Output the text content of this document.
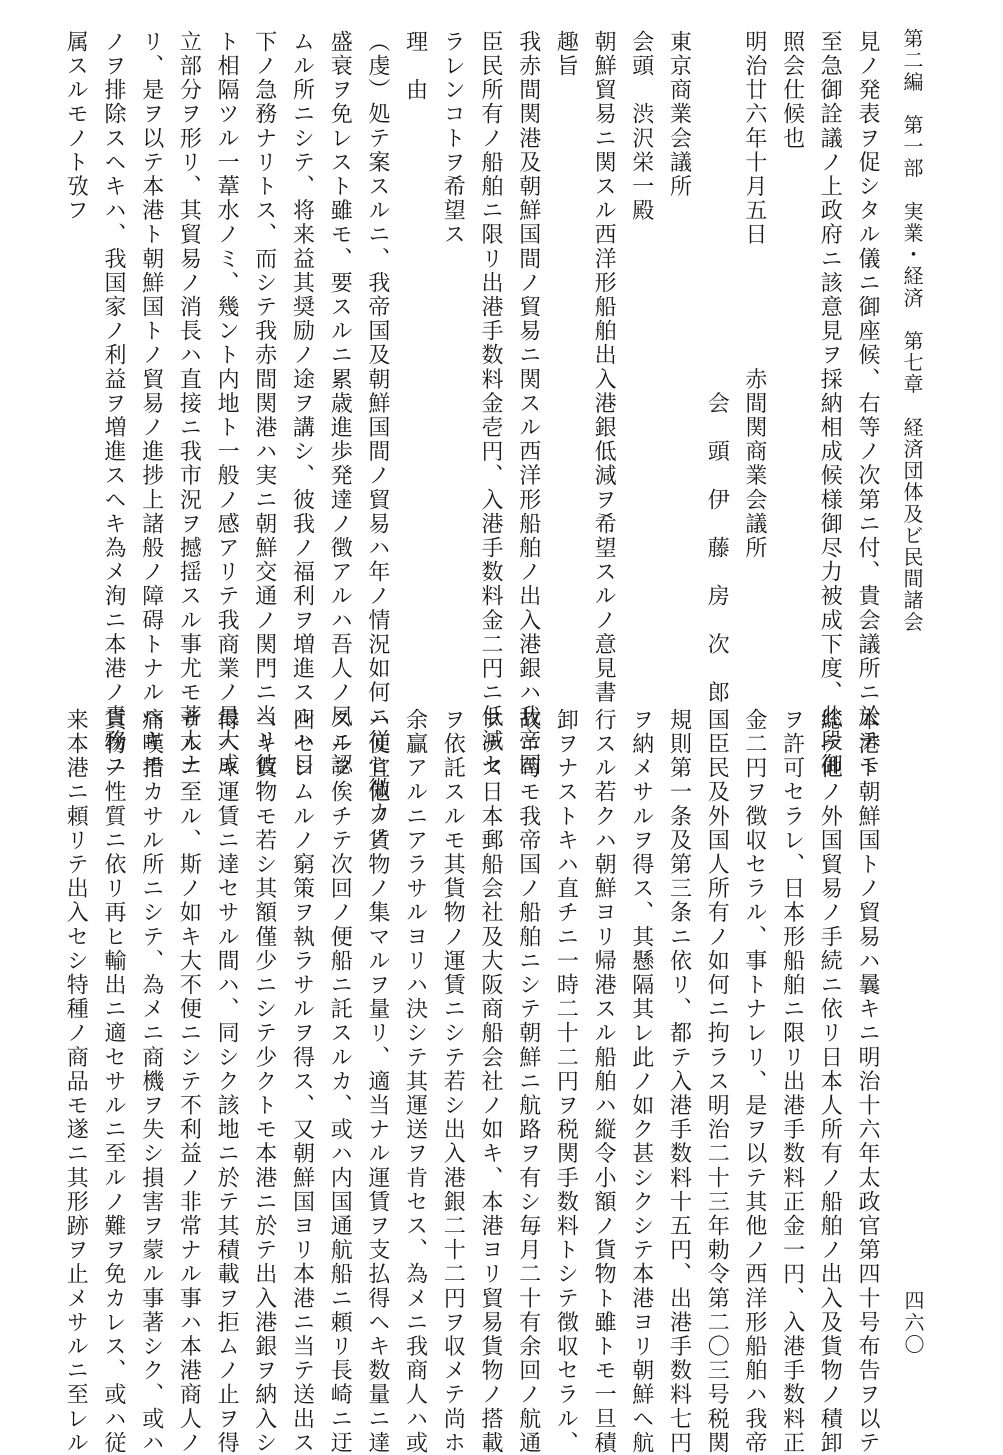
第二編　第一部　実業・経済　第七章　経済団体及ビ民間諸会
四六〇
見ノ発表ヲ促シタル儀ニ御座候、右等ノ次第ニ付、貴会議所ニ於テモ
至急御詮議ノ上政府ニ該意見ヲ採納相成候様御尽力被成下度、此段御
照会仕候也
明治廿六年十月五日　　　　　赤間関商業会議所
　　　　　　　　　　　　　　　会　頭　伊　藤　房　次　郎
東京商業会議所
会頭　渋沢栄一殿
朝鮮貿易ニ関スル西洋形船舶出入港銀低減ヲ希望スルノ意見書
趣旨
我赤間関港及朝鮮国間ノ貿易ニ関スル西洋形船舶ノ出入港銀ハ我帝国
臣民所有ノ船舶ニ限リ出港手数料金壱円、入港手数料金二円ニ低減セ
ラレンコトヲ希望ス
理　由
（虔）処テ案スルニ、我帝国及朝鮮国間ノ貿易ハ年ノ情況如何ニ従ヒ微カノ
盛衰ヲ免レスト雖モ、要スルニ累歳進歩発達ノ徴アルハ吾人ノ夙ニ認
ムル所ニシテ、将来益其奨励ノ途ヲ講シ、彼我ノ福利ヲ増進スルハ目
下ノ急務ナリトス、而シテ我赤間関港ハ実ニ朝鮮交通ノ関門ニ当リ彼
ト相隔ツル一葦水ノミ、幾ント内地ト一般ノ感アリテ我商業ノ最大成
立部分ヲ形リ、其貿易ノ消長ハ直接ニ我市況ヲ撼揺スル事尤モ著大ナ
リ、是ヲ以テ本港ト朝鮮国トノ貿易ノ進捗上諸般ノ障碍トナルヘキモ
ノヲ排除スヘキハ、我国家ノ利益ヲ増進スヘキ為メ洵ニ本港ノ責務ニ
属スルモノト攷フ
本港ト朝鮮国トノ貿易ハ曩キニ明治十六年太政官第四十号布告ヲ以テ
総テ他ノ外国貿易ノ手続ニ依リ日本人所有ノ船舶ノ出入及貨物ノ積卸
ヲ許可セラレ、日本形船舶ニ限リ出港手数料正金一円、入港手数料正
金二円ヲ徴収セラル、事トナレリ、是ヲ以テ其他ノ西洋形船舶ハ我帝
国臣民及外国人所有ノ如何ニ拘ラス明治二十三年勅令第二〇三号税関
規則第一条及第三条ニ依リ、都テ入港手数料十五円、出港手数料七円
ヲ納メサルヲ得ス、其懸隔其レ此ノ如ク甚シクシテ本港ヨリ朝鮮ヘ航
行スル若クハ朝鮮ヨリ帰港スル船舶ハ縦令小額ノ貨物ト雖トモ一旦積
卸ヲナストキハ直チニ一時二十二円ヲ税関手数料トシテ徴収セラル、
故ニ苟モ我帝国ノ船舶ニシテ朝鮮ニ航路ヲ有シ毎月二十有余回ノ航通
ヲナス日本郵船会社及大阪商船会社ノ如キ、本港ヨリ貿易貨物ノ搭載
ヲ依託スルモ其貨物ノ運賃ニシテ若シ出入港銀二十二円ヲ収メテ尚ホ
余贏アルニアラサルヨリハ決シテ其運送ヲ肯セス、為メニ我商人ハ或
ハ便宜他ノ貨物ノ集マルヲ量リ、適当ナル運賃ヲ支払得ヘキ数量ニ達
スルヲ俟チテ次回ノ便船ニ託スルカ、或ハ内国通航船ニ頼リ長崎ニ迂
回セシムルノ窮策ヲ執ラサルヲ得ス、又朝鮮国ヨリ本港ニ当テ送出ス
ヘキ貨物モ若シ其額僅少ニシテ少クトモ本港ニ於テ出入港銀ヲ納入シ
得ヘキ運賃ニ達セサル間ハ、同シク該地ニ於テ其積載ヲ拒ムノ止ヲ得
サルニ至ル、斯ノ如キ大不便ニシテ不利益ノ非常ナル事ハ本港商人ノ
痛嘆措カサル所ニシテ、為メニ商機ヲ失シ損害ヲ蒙ル事著シク、或ハ
貨物ノ性質ニ依リ再ヒ輸出ニ適セサルニ至ルノ難ヲ免カレス、或ハ従
来本港ニ頼リテ出入セシ特種ノ商品モ遂ニ其形跡ヲ止メサルニ至レル
